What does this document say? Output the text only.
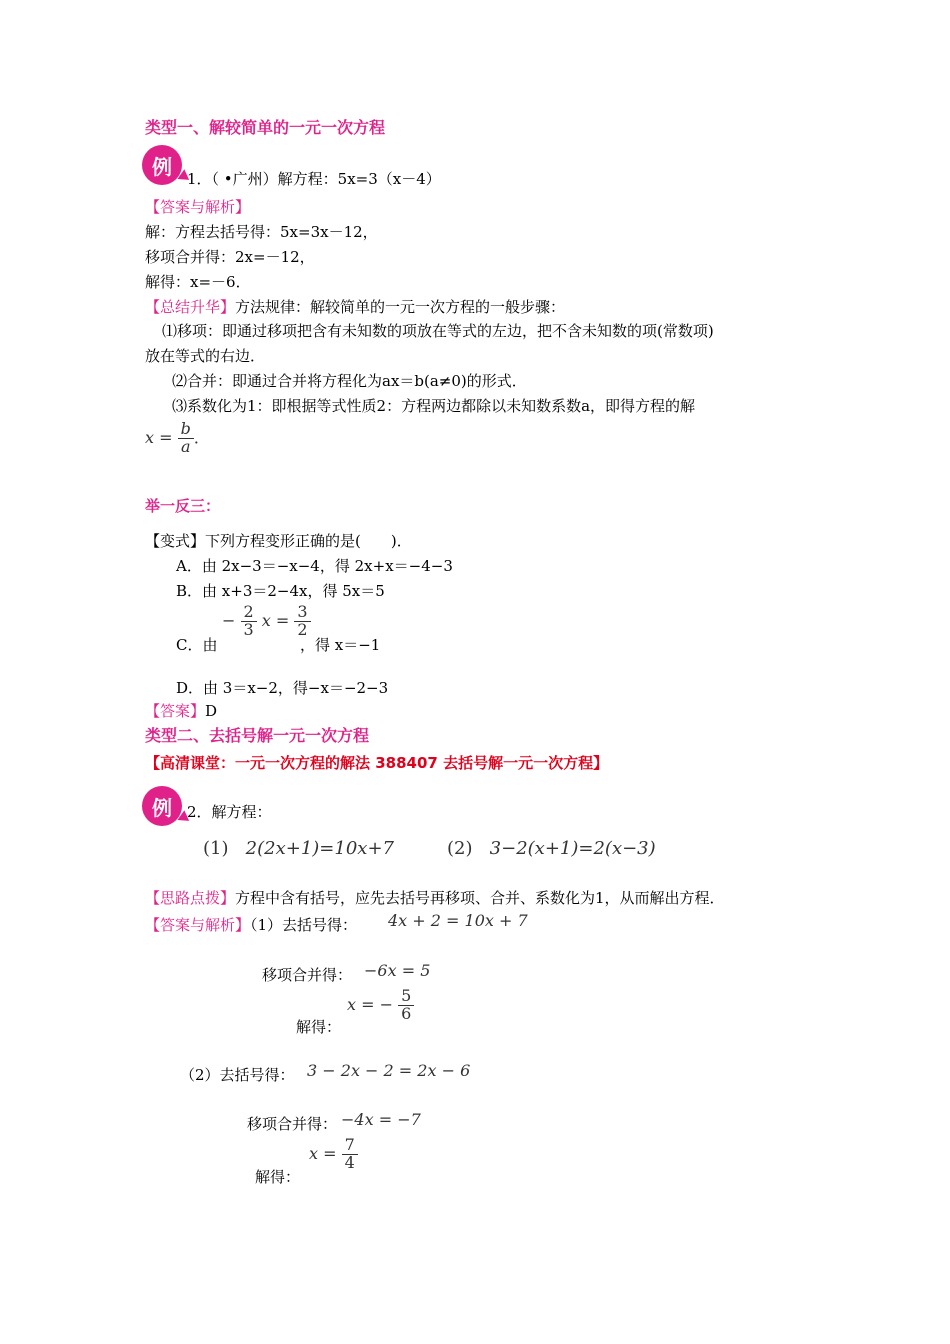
类型一、解较简单的一元一次方程
例
1．（ •广州）解方程：5x=3（x－4）
【答案与解析】
解：方程去括号得：5x=3x－12，
移项合并得：2x=－12，
解得：x=－6．
【总结升华】方法规律：解较简单的一元一次方程的一般步骤：
⑴移项：即通过移项把含有未知数的项放在等式的左边，把不含未知数的项(常数项)
放在等式的右边．
⑵合并：即通过合并将方程化为ax＝b(a≠0)的形式．
⑶系数化为1：即根据等式性质2：方程两边都除以未知数系数a，即得方程的解
$x = \frac{b}{a}$ ．
举一反三：
【变式】下列方程变形正确的是(　　)．
A．由 2x−3＝−x−4，得 2x+x＝−4−3
B．由 x+3＝2−4x，得 5x＝5
C．由
− $\frac{2}{3}$ $x = \frac{3}{2}$
，得 x＝−1
D．由 3＝x−2，得−x＝−2−3
【答案】D
类型二、去括号解一元一次方程
【高清课堂：一元一次方程的解法 388407 去括号解一元一次方程】
例	2．解方程：
(1) 2(2x+1)=10x+7	(2) 3−2(x+1)=2(x−3)
【思路点拨】方程中含有括号，应先去括号再移项、合并、系数化为1，从而解出方程．
【答案与解析】（1）去括号得： 4x + 2 = 10x + 7
移项合并得： −6x = 5
x = − $\frac{5}{6}$
解得：
（2）去括号得： 3 − 2x − 2 = 2x − 6
移项合并得： −4x = −7
$x = \frac{7}{4}$
解得：
